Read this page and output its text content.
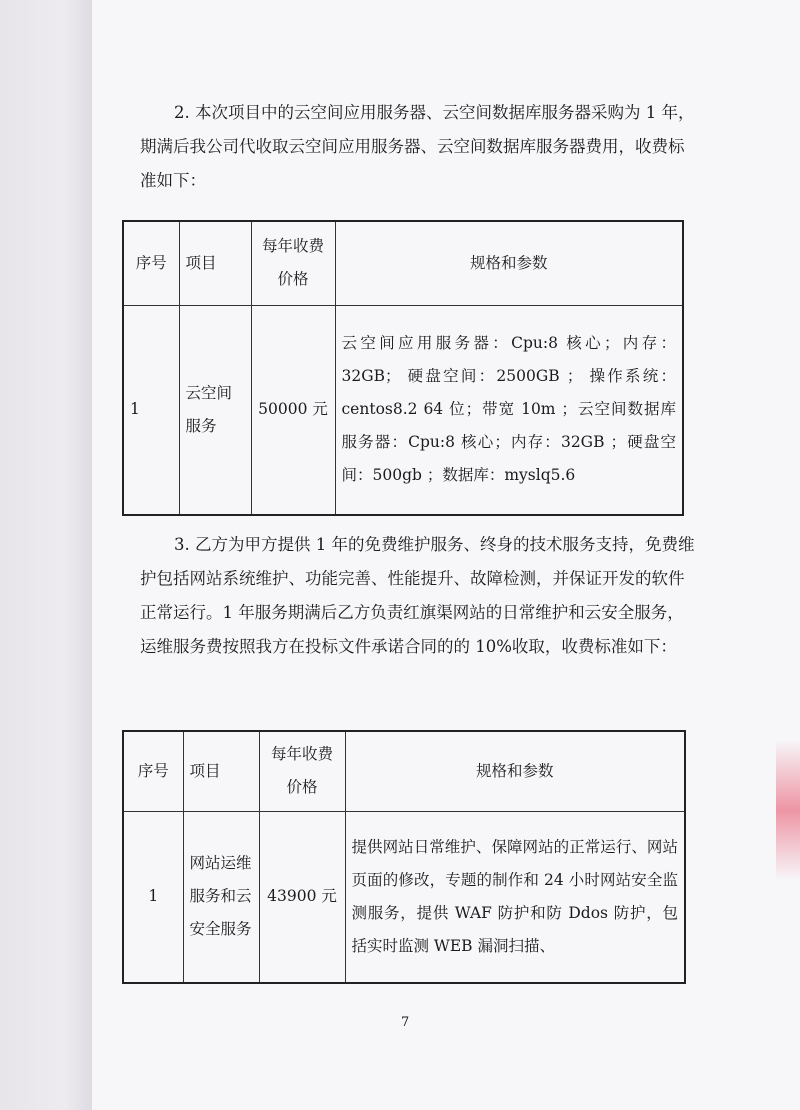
2. 本次项目中的云空间应用服务器、云空间数据库服务器采购为 1 年，期满后我公司代收取云空间应用服务器、云空间数据库服务器费用，收费标准如下：

序号	项目	每年收费价格	规格和参数
1	云空间服务	50000 元	云空间应用服务器：Cpu:8 核心；内存：32GB； 硬盘空间：2500GB ； 操作系统：centos8.2 64 位；带宽 10m ；云空间数据库服务器：Cpu:8 核心；内存：32GB ；硬盘空间：500gb ；数据库：myslq5.6

3. 乙方为甲方提供 1 年的免费维护服务、终身的技术服务支持，免费维护包括网站系统维护、功能完善、性能提升、故障检测，并保证开发的软件正常运行。1 年服务期满后乙方负责红旗渠网站的日常维护和云安全服务，运维服务费按照我方在投标文件承诺合同的的 10%收取，收费标准如下：

序号	项目	每年收费价格	规格和参数
1	网站运维服务和云安全服务	43900 元	提供网站日常维护、保障网站的正常运行、网站页面的修改，专题的制作和 24 小时网站安全监测服务，提供 WAF 防护和防 Ddos 防护，包括实时监测 WEB 漏洞扫描、
7
